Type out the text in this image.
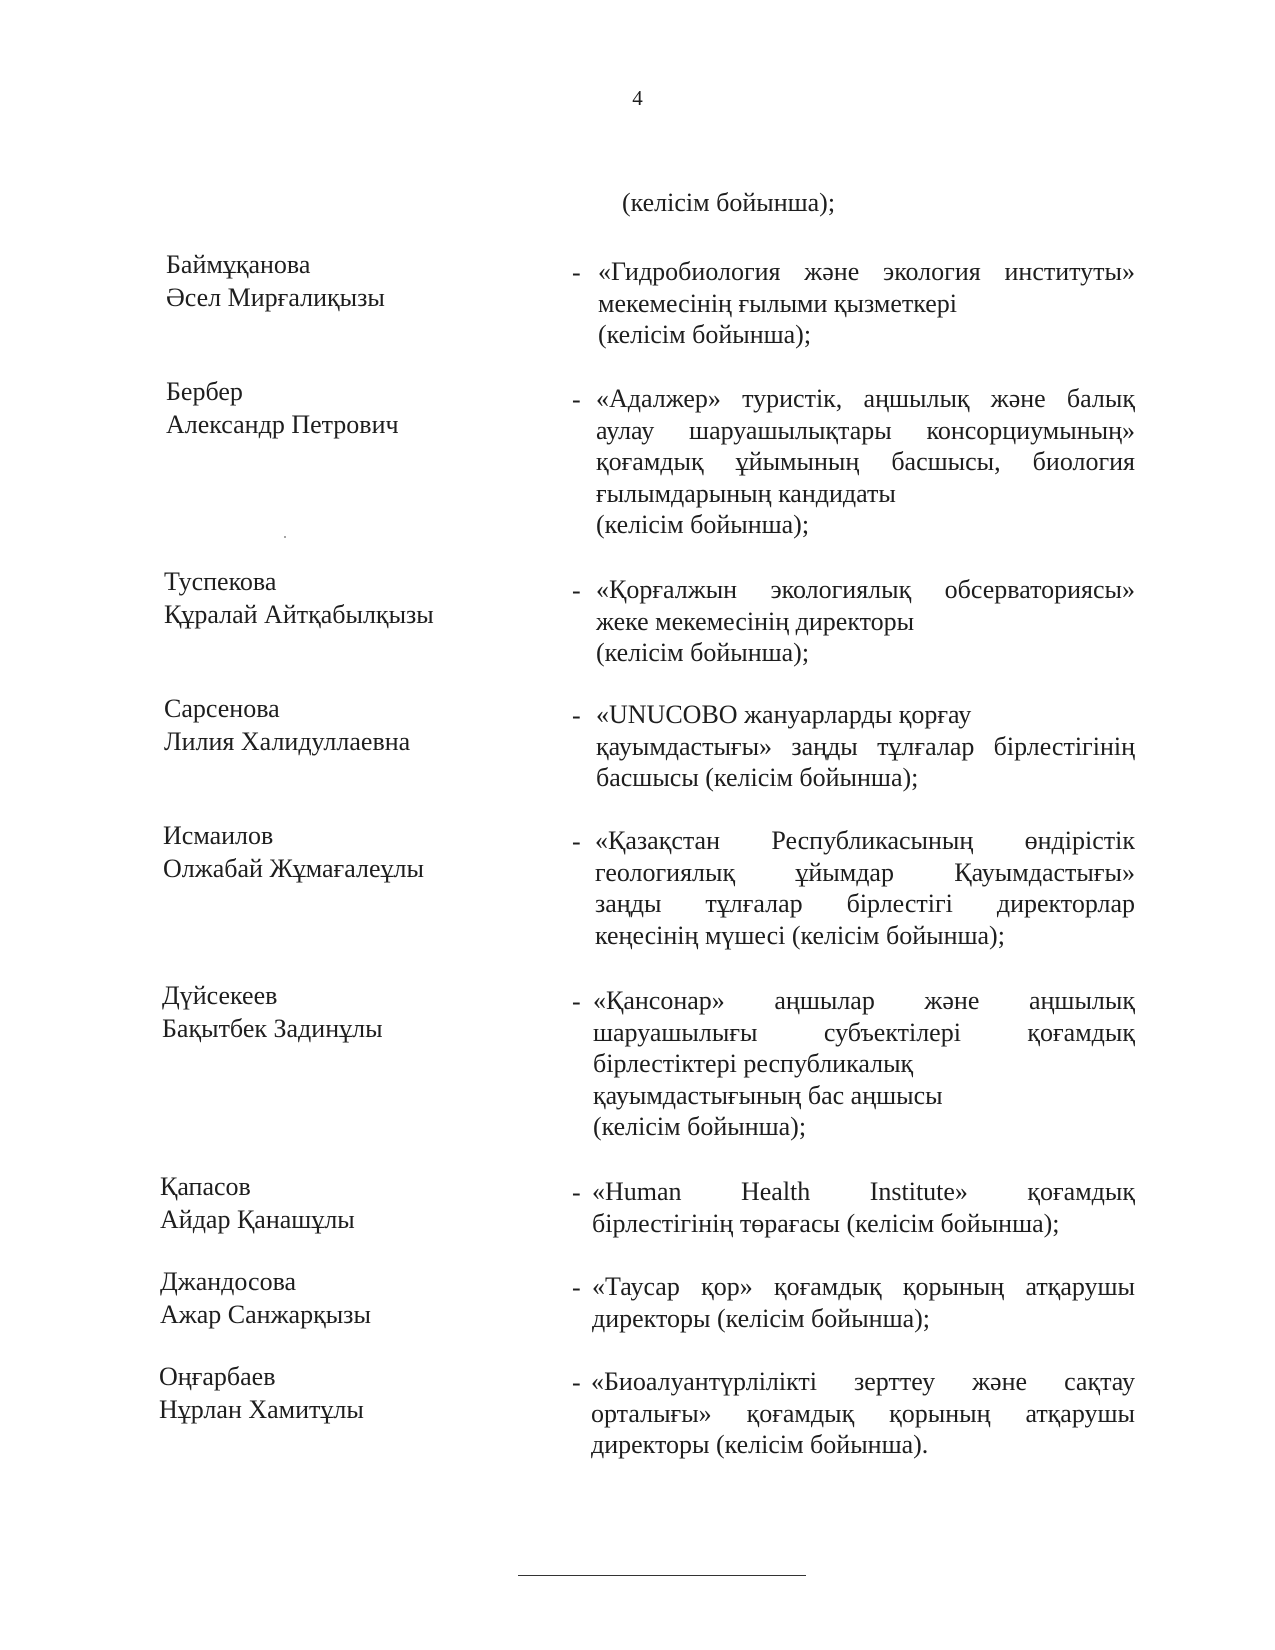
4
(келісім бойынша);
Баймұқанова
Әсел Мирғалиқызы
- «Гидробиология және экология институты»
мекемесінің ғылыми қызметкері
(келісім бойынша);
Бербер
Александр Петрович
- «Адалжер» туристік, аңшылық және балық
аулау шаруашылықтары консорциумының»
қоғамдық ұйымының басшысы, биология
ғылымдарының кандидаты
(келісім бойынша);
Туспекова
Құралай Айтқабылқызы
- «Қорғалжын экологиялық обсерваториясы»
жеке мекемесінің директоры
(келісім бойынша);
Сарсенова
Лилия Халидуллаевна
- «UNUCOBO жануарларды қорғау
қауымдастығы» заңды тұлғалар бірлестігінің
басшысы (келісім бойынша);
Исмаилов
Олжабай Жұмағалеұлы
- «Қазақстан Республикасының өндірістік
геологиялық ұйымдар Қауымдастығы»
заңды тұлғалар бірлестігі директорлар
кеңесінің мүшесі (келісім бойынша);
Дүйсекеев
Бақытбек Задинұлы
- «Қансонар» аңшылар және аңшылық
шаруашылығы субъектілері қоғамдық
бірлестіктері республикалық
қауымдастығының бас аңшысы
(келісім бойынша);
Қапасов
Айдар Қанашұлы
- «Human Health Institute» қоғамдық
бірлестігінің төрағасы (келісім бойынша);
Джандосова
Ажар Санжарқызы
- «Таусар қор» қоғамдық қорының атқарушы
директоры (келісім бойынша);
Оңғарбаев
Нұрлан Хамитұлы
- «Биоалуантүрлілікті зерттеу және сақтау
орталығы» қоғамдық қорының атқарушы
директоры (келісім бойынша).
